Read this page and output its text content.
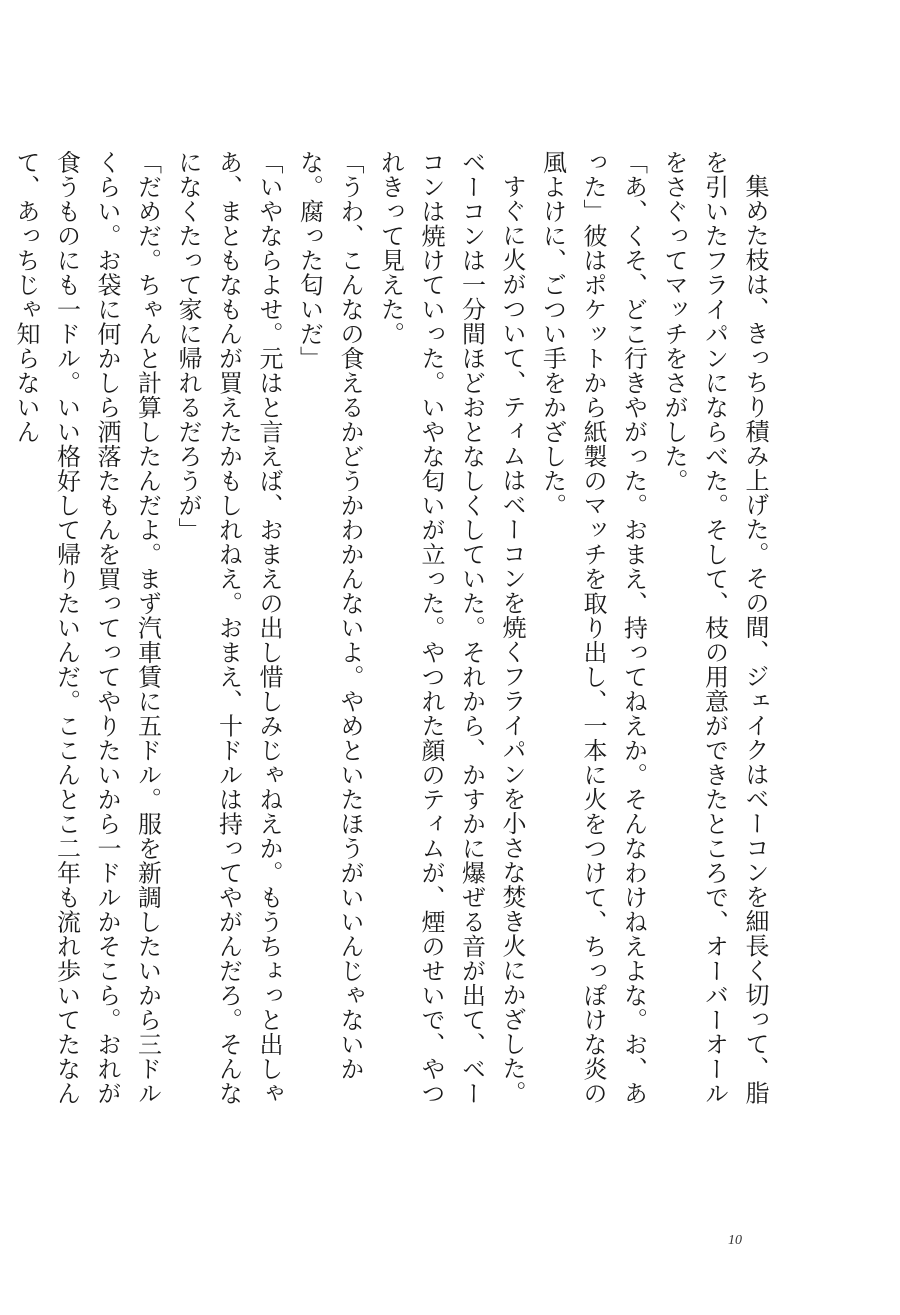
集めた枝は、きっちり積み上げた。その間、ジェイクはベーコンを細長く切って、脂を引いたフライパンにならべた。そして、枝の用意ができたところで、オーバーオールをさぐってマッチをさがした。

「あ、くそ、どこ行きやがった。おまえ、持ってねえか。そんなわけねえよな。お、あった」彼はポケットから紙製のマッチを取り出し、一本に火をつけて、ちっぽけな炎の風よけに、ごつい手をかざした。

すぐに火がついて、ティムはベーコンを焼くフライパンを小さな焚き火にかざした。ベーコンは一分間ほどおとなしくしていた。それから、かすかに爆ぜる音が出て、ベーコンは焼けていった。いやな匂いが立った。やつれた顔のティムが、煙のせいで、やつれきって見えた。

「うわ、こんなの食えるかどうかわかんないよ。やめといたほうがいいんじゃないかな。腐った匂いだ」

「いやならよせ。元はと言えば、おまえの出し惜しみじゃねえか。もうちょっと出しゃあ、まともなもんが買えたかもしれねえ。おまえ、十ドルは持ってやがんだろ。そんなになくたって家に帰れるだろうが」

「だめだ。ちゃんと計算したんだよ。まず汽車賃に五ドル。服を新調したいから三ドルくらい。お袋に何かしら洒落たもんを買ってってやりたいから一ドルかそこら。おれが食うものにも一ドル。いい格好して帰りたいんだ。ここんとこ二年も流れ歩いてたなんて、あっちじゃ知らないん

10
